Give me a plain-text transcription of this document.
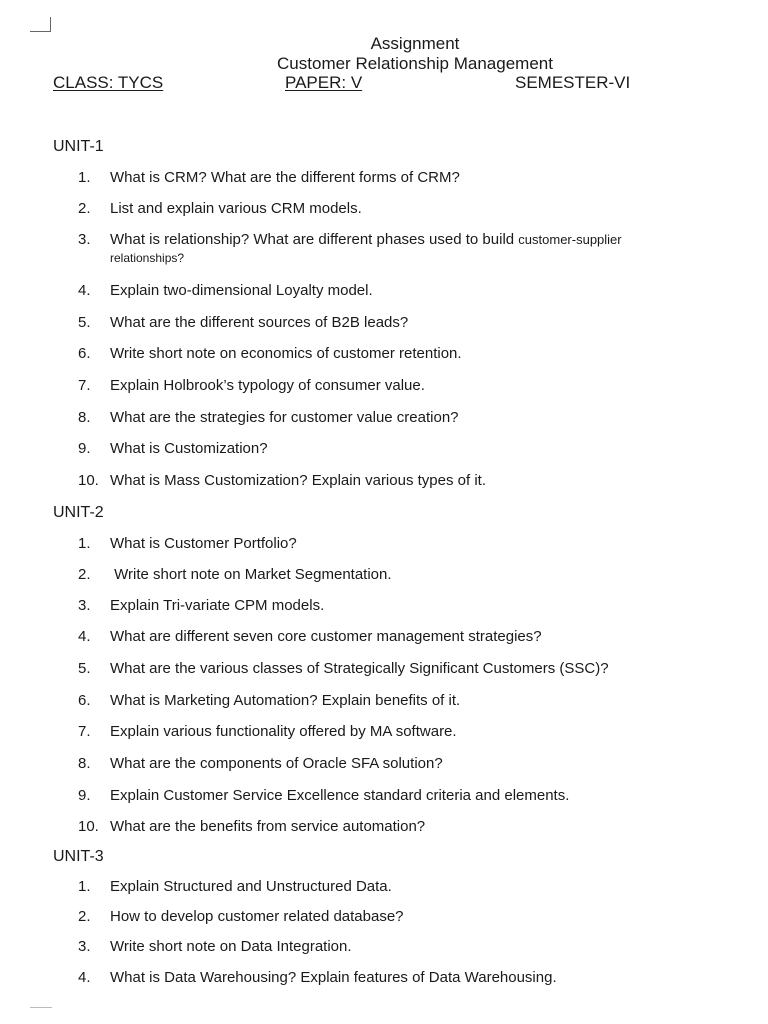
Assignment
Customer Relationship Management
CLASS: TYCS	PAPER: V	SEMESTER-VI
UNIT-1
1.	What is CRM? What are the different forms of CRM?
2.	List and explain various CRM models.
3.	What is relationship? What are different phases used to build customer-supplier
relationships?
4.	Explain two-dimensional Loyalty model.
5.	What are the different sources of B2B leads?
6.	Write short note on economics of customer retention.
7.	Explain Holbrook’s typology of consumer value.
8.	What are the strategies for customer value creation?
9.	What is Customization?
10. What is Mass Customization? Explain various types of it.
UNIT-2
1.	What is Customer Portfolio?
2.	Write short note on Market Segmentation.
3.	Explain Tri-variate CPM models.
4.	What are different seven core customer management strategies?
5.	What are the various classes of Strategically Significant Customers (SSC)?
6.	What is Marketing Automation? Explain benefits of it.
7.	Explain various functionality offered by MA software.
8.	What are the components of Oracle SFA solution?
9.	Explain Customer Service Excellence standard criteria and elements.
10. What are the benefits from service automation?
UNIT-3
1.	Explain Structured and Unstructured Data.
2.	How to develop customer related database?
3.	Write short note on Data Integration.
4.	What is Data Warehousing? Explain features of Data Warehousing.
